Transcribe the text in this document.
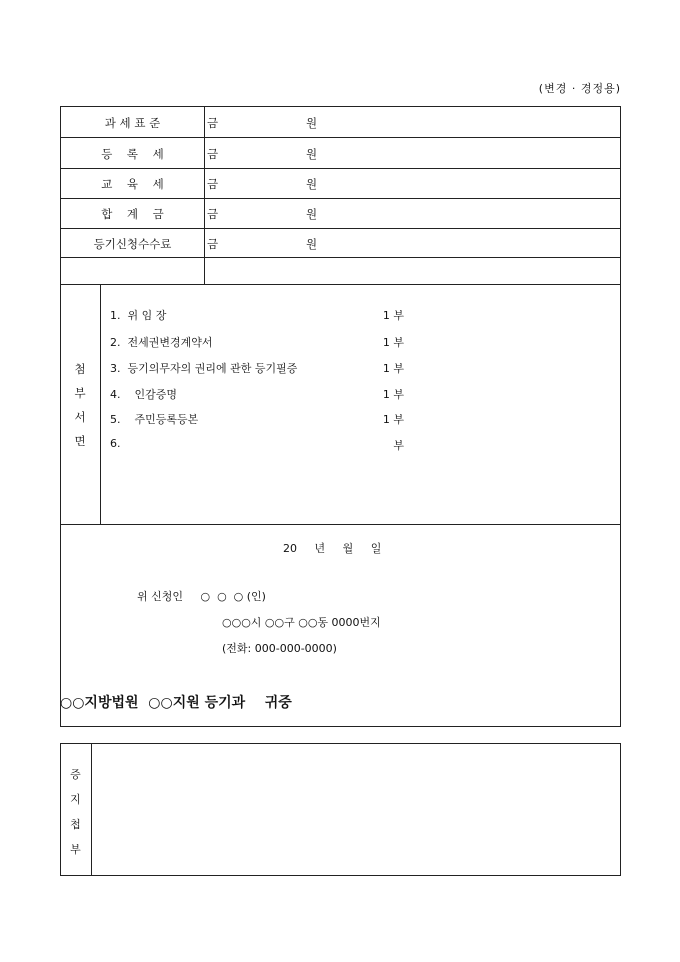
(변경 · 경정용)
과 세 표 준	금	원
등    록    세	금	원
교    육    세	금	원
합    계    금	금	원
등기신청수수료	금	원
첨
부
서
면
1.  위 임 장	1 부
2.  전세권변경계약서	1 부
3.  등기의무자의 권리에 관한 등기필증	1 부
4.    인감증명	1 부
5.    주민등록등본	1 부
6.	부
20     년     월     일
위 신청인     ○  ○  ○ (인)
○○○시 ○○구 ○○동 0000번지
(전화: 000-000-0000)
○○지방법원  ○○지원 등기과    귀중
증
지
첩
부
